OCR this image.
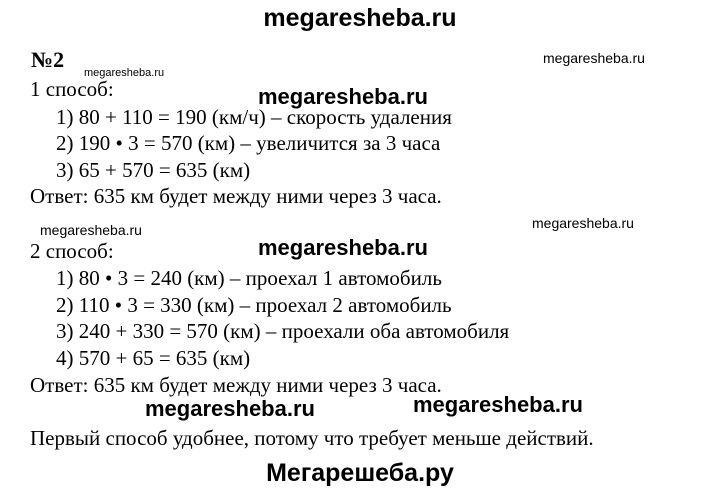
megaresheba.ru
megaresheba.ru
megaresheba.ru
megaresheba.ru
megaresheba.ru	megaresheba.ru
megaresheba.ru
megaresheba.ru	megaresheba.ru
Мегарешеба.ру
№2
1 способ:
1) 80 + 110 = 190 (км/ч) – скорость удаления
2) 190 • 3 = 570 (км) – увеличится за 3 часа
3) 65 + 570 = 635 (км)
Ответ: 635 км будет между ними через 3 часа.
2 способ:
1) 80 • 3 = 240 (км) – проехал 1 автомобиль
2) 110 • 3 = 330 (км) – проехал 2 автомобиль
3) 240 + 330 = 570 (км) – проехали оба автомобиля
4) 570 + 65 = 635 (км)
Ответ: 635 км будет между ними через 3 часа.
Первый способ удобнее, потому что требует меньше действий.
